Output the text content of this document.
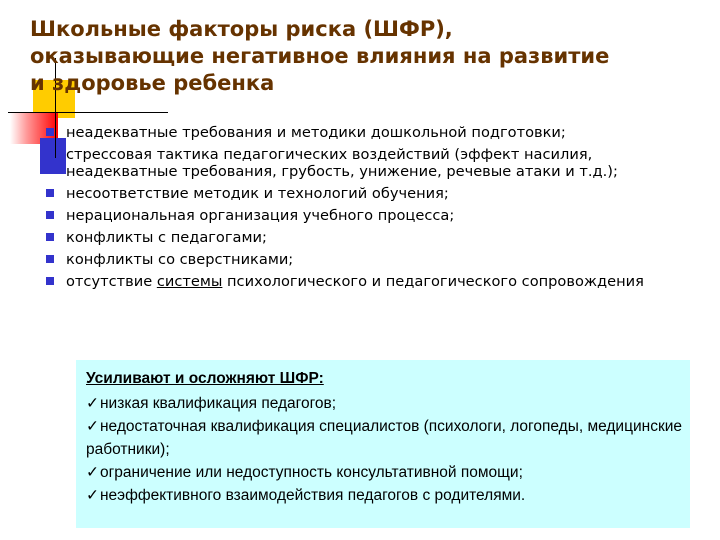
Школьные факторы риска (ШФР),
оказывающие негативное влияния на развитие
и здоровье ребенка
неадекватные требования и методики дошкольной подготовки;
стрессовая тактика педагогических воздействий (эффект насилия, неадекватные требования, грубость, унижение, речевые атаки и т.д.);
несоответствие методик и технологий обучения;
нерациональная организация учебного процесса;
конфликты с педагогами;
конфликты со сверстниками;
отсутствие системы психологического и педагогического сопровождения
Усиливают и осложняют ШФР:
✓низкая квалификация педагогов;
✓недостаточная квалификация специалистов (психологи, логопеды, медицинские работники);
✓ограничение или недоступность консультативной помощи;
✓неэффективного взаимодействия педагогов с родителями.
